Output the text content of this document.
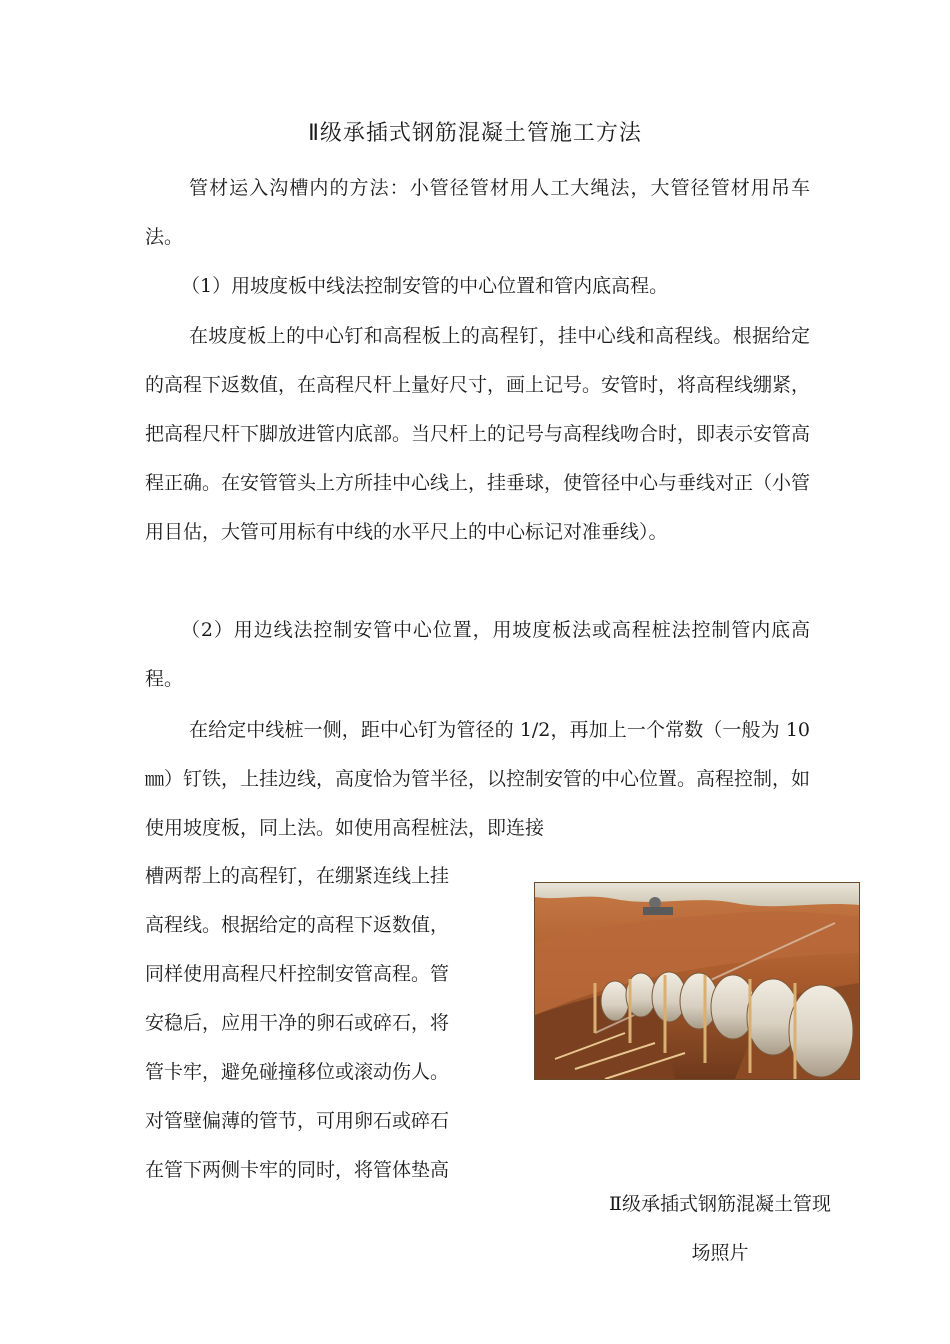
Ⅱ级承插式钢筋混凝土管施工方法

管材运入沟槽内的方法：小管径管材用人工大绳法，大管径管材用吊车法。

（1）用坡度板中线法控制安管的中心位置和管内底高程。

在坡度板上的中心钉和高程板上的高程钉，挂中心线和高程线。根据给定的高程下返数值，在高程尺杆上量好尺寸，画上记号。安管时，将高程线绷紧，把高程尺杆下脚放进管内底部。当尺杆上的记号与高程线吻合时，即表示安管高程正确。在安管管头上方所挂中心线上，挂垂球，使管径中心与垂线对正（小管用目估，大管可用标有中线的水平尺上的中心标记对准垂线）。

（2）用边线法控制安管中心位置，用坡度板法或高程桩法控制管内底高程。

在给定中线桩一侧，距中心钉为管径的 1/2，再加上一个常数（一般为 10㎜）钉铁，上挂边线，高度恰为管半径，以控制安管的中心位置。高程控制，如使用坡度板，同上法。如使用高程桩法，即连接

槽两帮上的高程钉，在绷紧连线上挂
高程线。根据给定的高程下返数值，
同样使用高程尺杆控制安管高程。管
安稳后，应用干净的卵石或碎石，将
管卡牢，避免碰撞移位或滚动伤人。
对管壁偏薄的管节，可用卵石或碎石
在管下两侧卡牢的同时，将管体垫高
Ⅱ级承插式钢筋混凝土管现
场照片
